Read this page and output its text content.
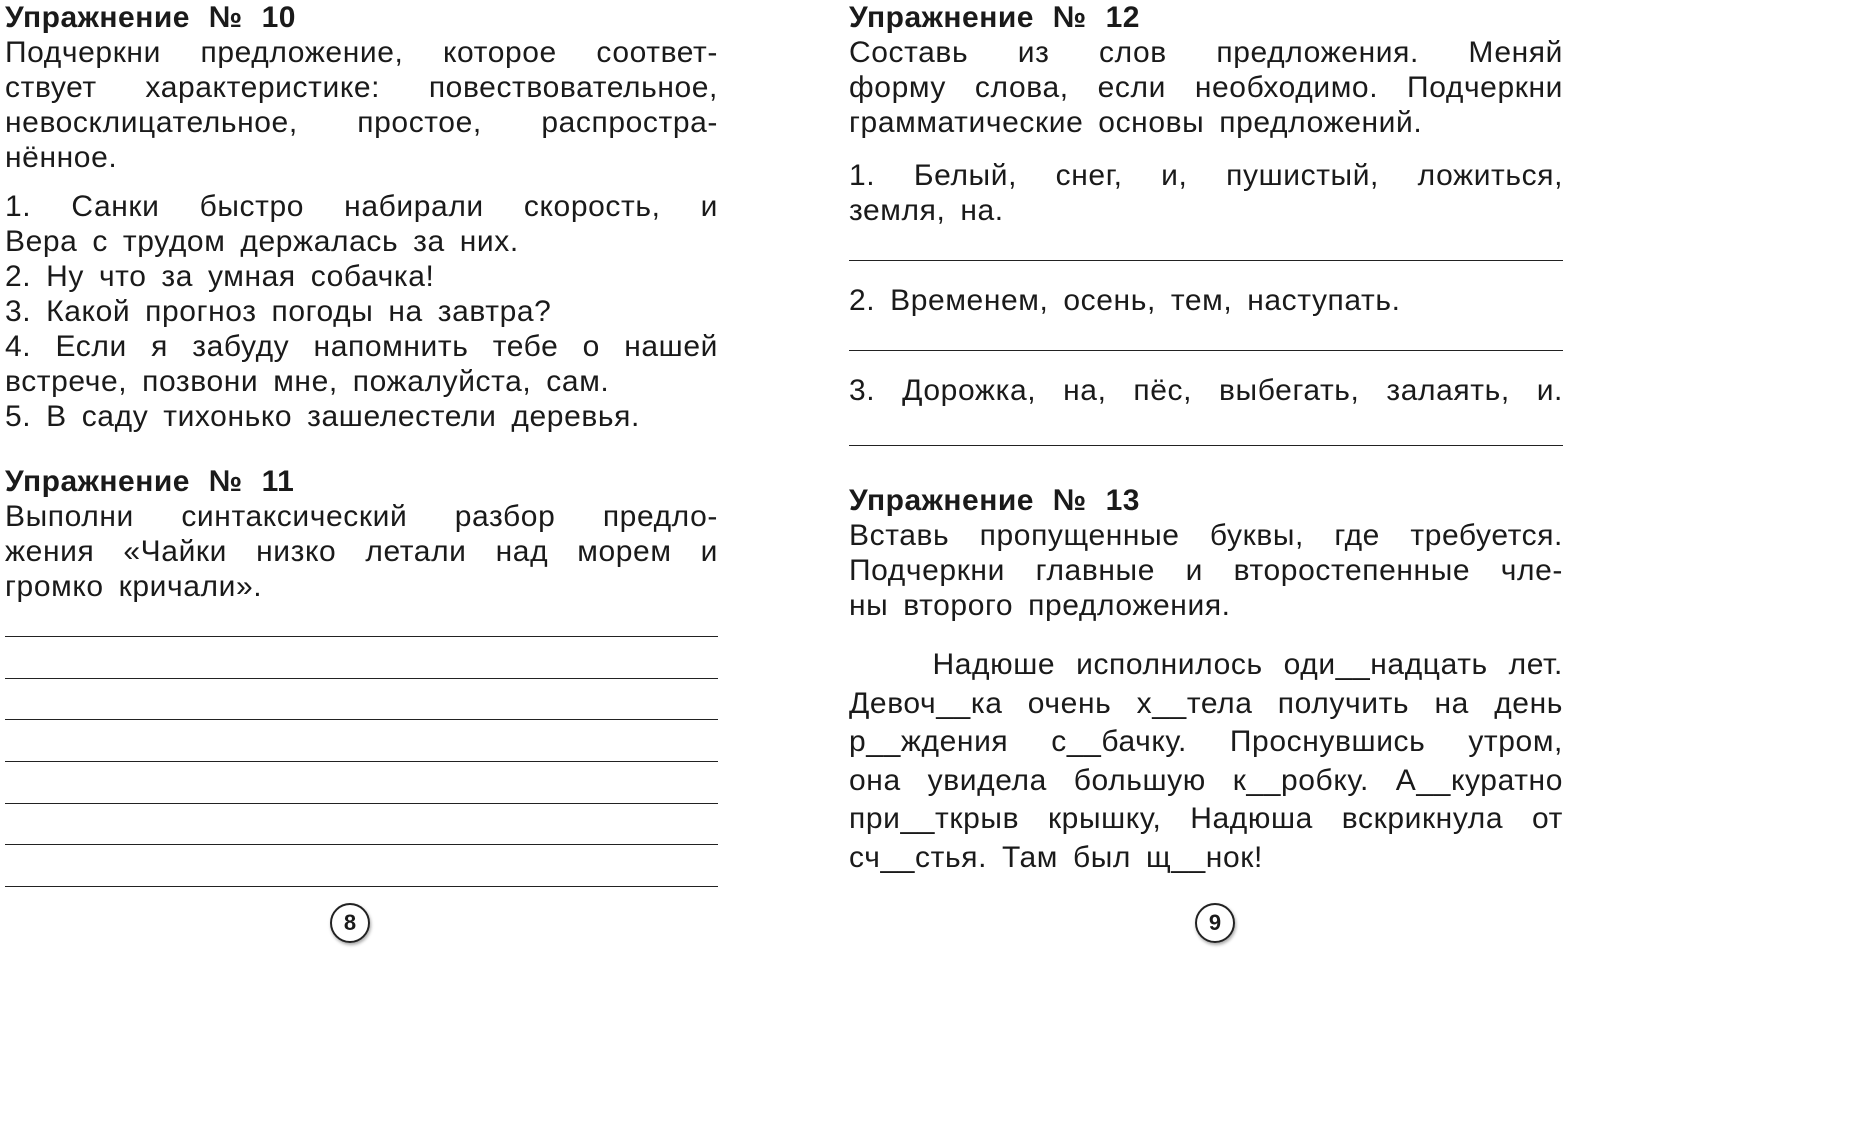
Упражнение № 10
Подчеркни предложение, которое соответ-
ствует характеристике: повествовательное,
невосклицательное, простое, распростра-
нённое.
1. Санки быстро набирали скорость, и
Вера с трудом держалась за них.
2. Ну что за умная собачка!
3. Какой прогноз погоды на завтра?
4. Если я забуду напомнить тебе о нашей
встрече, позвони мне, пожалуйста, сам.
5. В саду тихонько зашелестели деревья.
Упражнение № 11
Выполни синтаксический разбор предло-
жения «Чайки низко летали над морем и
громко кричали».
8
Упражнение № 12
Составь из слов предложения. Меняй
форму слова, если необходимо. Подчеркни
грамматические основы предложений.
1. Белый, снег, и, пушистый, ложиться,
земля, на.
2. Временем, осень, тем, наступать.
3. Дорожка, на, пёс, выбегать, залаять, и.
Упражнение № 13
Вставь пропущенные буквы, где требуется.
Подчеркни главные и второстепенные чле-
ны второго предложения.
Надюше исполнилось оди__надцать лет.
Девоч__ка очень х__тела получить на день
р__ждения с__бачку. Проснувшись утром,
она увидела большую к__робку. А__куратно
при__ткрыв крышку, Надюша вскрикнула от
сч__стья. Там был щ__нок!
9
